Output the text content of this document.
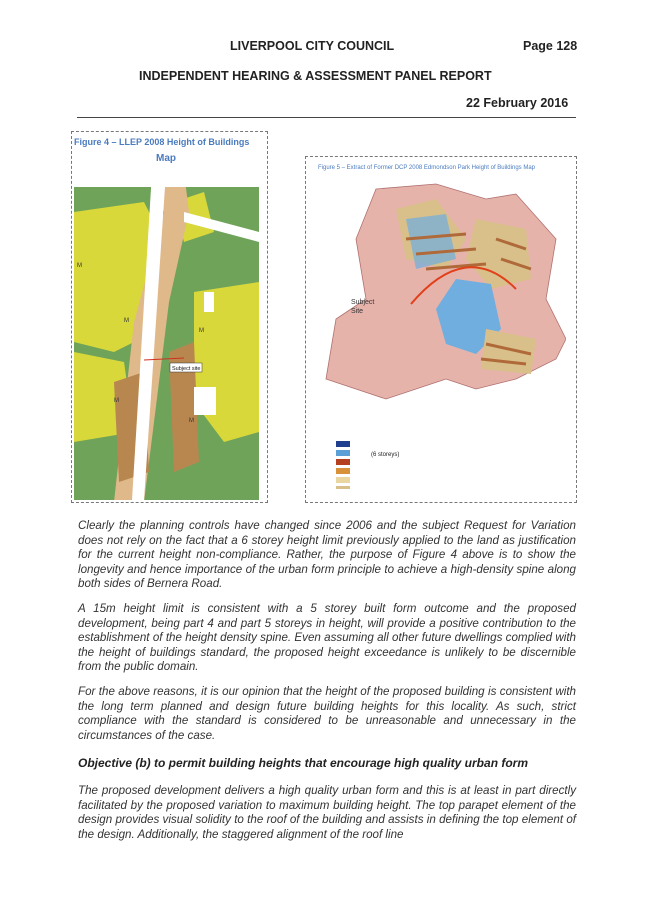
LIVERPOOL CITY COUNCIL	Page 128
INDEPENDENT HEARING & ASSESSMENT PANEL REPORT
22 February 2016
Figure 4 – LLEP 2008 Height of Buildings
Map
Subject site
M
M
M
M
M
Figure 5 – Extract of Former DCP 2008 Edmondson Park Height of Buildings Map
Subject
Site
(6 storeys)
Clearly the planning controls have changed since 2006 and the subject Request for Variation does not rely on the fact that a 6 storey height limit previously applied to the land as justification for the current height non-compliance. Rather, the purpose of Figure 4 above is to show the longevity and hence importance of the urban form principle to achieve a high-density spine along both sides of Bernera Road.
A 15m height limit is consistent with a 5 storey built form outcome and the proposed development, being part 4 and part 5 storeys in height, will provide a positive contribution to the establishment of the height density spine. Even assuming all other future dwellings complied with the height of buildings standard, the proposed height exceedance is unlikely to be discernible from the public domain.
For the above reasons, it is our opinion that the height of the proposed building is consistent with the long term planned and design future building heights for this locality. As such, strict compliance with the standard is considered to be unreasonable and unnecessary in the circumstances of the case.
Objective (b) to permit building heights that encourage high quality urban form
The proposed development delivers a high quality urban form and this is at least in part directly facilitated by the proposed variation to maximum building height. The top parapet element of the design provides visual solidity to the roof of the building and assists in defining the top element of the design. Additionally, the staggered alignment of the roof line
